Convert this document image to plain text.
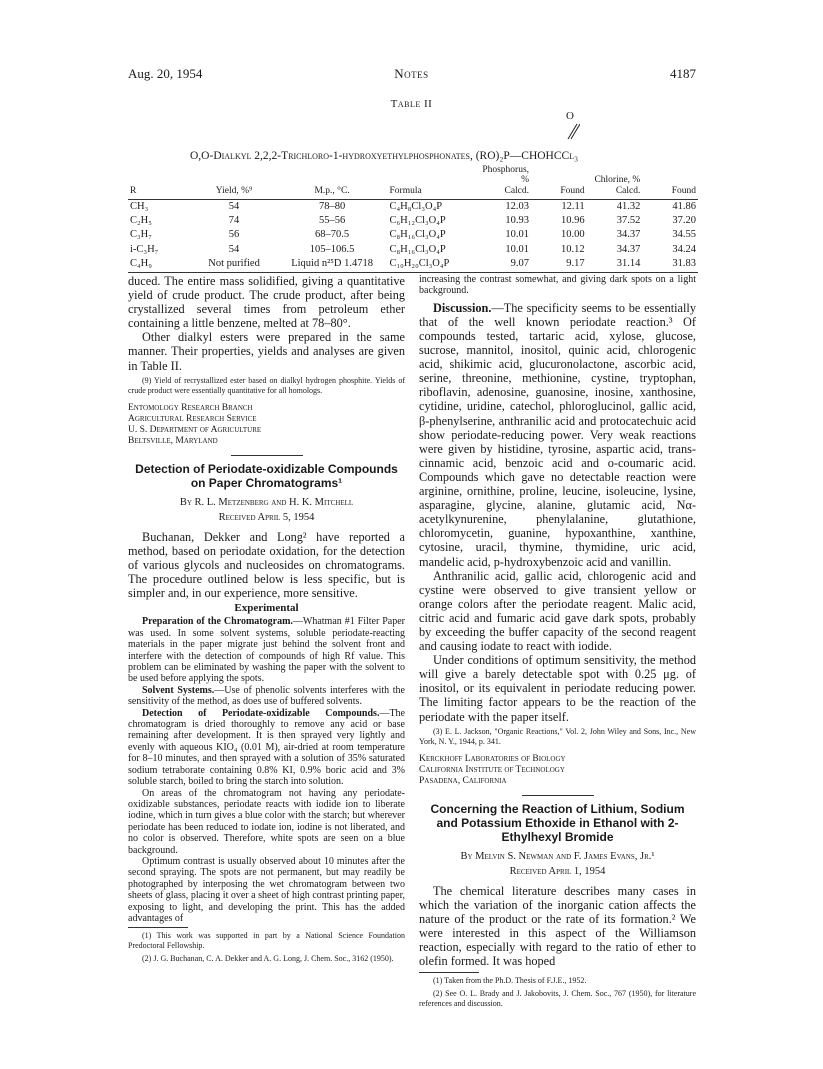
Aug. 20, 1954	Notes	4187
Table II
O
O,O-Dialkyl 2,2,2-Trichloro-1-hydroxyethylphosphonates, (RO)₂P—CHOHCCl₃
R	Yield, %⁹	M.p., °C.	Formula	Phosphorus, %
Calcd.	Found	Chlorine, %
Calcd.	Found
CH₃	54	78–80	C₄H₈Cl₃O₄P	12.03	12.11	41.32	41.86
C₂H₅	74	55–56	C₆H₁₂Cl₃O₄P	10.93	10.96	37.52	37.20
C₃H₇	56	68–70.5	C₈H₁₆Cl₃O₄P	10.01	10.00	34.37	34.55
i-C₃H₇	54	105–106.5	C₈H₁₆Cl₃O₄P	10.01	10.12	34.37	34.24
C₄H₉	Not purified	Liquid n²⁵D 1.4718	C₁₀H₂₀Cl₃O₄P	9.07	9.17	31.14	31.83

duced. The entire mass solidified, giving a quantitative yield of crude product. The crude product, after being crystallized several times from petroleum ether containing a little benzene, melted at 78–80°.

Other dialkyl esters were prepared in the same manner. Their properties, yields and analyses are given in Table II.

(9) Yield of recrystallized ester based on dialkyl hydrogen phosphite. Yields of crude product were essentially quantitative for all homologs.

Entomology Research Branch
Agricultural Research Service
U. S. Department of Agriculture
Beltsville, Maryland
Detection of Periodate-oxidizable Compounds on Paper Chromatograms¹
By R. L. Metzenberg and H. K. Mitchell
Received April 5, 1954

Buchanan, Dekker and Long² have reported a method, based on periodate oxidation, for the detection of various glycols and nucleosides on chromatograms. The procedure outlined below is less specific, but is simpler and, in our experience, more sensitive.

Experimental

Preparation of the Chromatogram.—Whatman #1 Filter Paper was used. In some solvent systems, soluble periodate-reacting materials in the paper migrate just behind the solvent front and interfere with the detection of compounds of high Rf value. This problem can be eliminated by washing the paper with the solvent to be used before applying the spots.

Solvent Systems.—Use of phenolic solvents interferes with the sensitivity of the method, as does use of buffered solvents.

Detection of Periodate-oxidizable Compounds.—The chromatogram is dried thoroughly to remove any acid or base remaining after development. It is then sprayed very lightly and evenly with aqueous KIO₄ (0.01 M), air-dried at room temperature for 8–10 minutes, and then sprayed with a solution of 35% saturated sodium tetraborate containing 0.8% KI, 0.9% boric acid and 3% soluble starch, boiled to bring the starch into solution.

On areas of the chromatogram not having any periodate-oxidizable substances, periodate reacts with iodide ion to liberate iodine, which in turn gives a blue color with the starch; but wherever periodate has been reduced to iodate ion, iodine is not liberated, and no color is observed. Therefore, white spots are seen on a blue background.

Optimum contrast is usually observed about 10 minutes after the second spraying. The spots are not permanent, but may readily be photographed by interposing the wet chromatogram between two sheets of glass, placing it over a sheet of high contrast printing paper, exposing to light, and developing the print. This has the added advantages of

(1) This work was supported in part by a National Science Foundation Predoctoral Fellowship.

(2) J. G. Buchanan, C. A. Dekker and A. G. Long, J. Chem. Soc., 3162 (1950).

increasing the contrast somewhat, and giving dark spots on a light background.

Discussion.—The specificity seems to be essentially that of the well known periodate reaction.³ Of compounds tested, tartaric acid, xylose, glucose, sucrose, mannitol, inositol, quinic acid, chlorogenic acid, shikimic acid, glucuronolactone, ascorbic acid, serine, threonine, methionine, cystine, tryptophan, riboflavin, adenosine, guanosine, inosine, xanthosine, cytidine, uridine, catechol, phloroglucinol, gallic acid, β-phenylserine, anthranilic acid and protocatechuic acid show periodate-reducing power. Very weak reactions were given by histidine, tyrosine, aspartic acid, trans-cinnamic acid, benzoic acid and o-coumaric acid. Compounds which gave no detectable reaction were arginine, ornithine, proline, leucine, isoleucine, lysine, asparagine, glycine, alanine, glutamic acid, Nα-acetylkynurenine, phenylalanine, glutathione, chloromycetin, guanine, hypoxanthine, xanthine, cytosine, uracil, thymine, thymidine, uric acid, mandelic acid, p-hydroxybenzoic acid and vanillin.

Anthranilic acid, gallic acid, chlorogenic acid and cystine were observed to give transient yellow or orange colors after the periodate reagent. Malic acid, citric acid and fumaric acid gave dark spots, probably by exceeding the buffer capacity of the second reagent and causing iodate to react with iodide.

Under conditions of optimum sensitivity, the method will give a barely detectable spot with 0.25 μg. of inositol, or its equivalent in periodate reducing power. The limiting factor appears to be the reaction of the periodate with the paper itself.

(3) E. L. Jackson, "Organic Reactions," Vol. 2, John Wiley and Sons, Inc., New York, N. Y., 1944, p. 341.

Kerckhoff Laboratories of Biology
California Institute of Technology
Pasadena, California
Concerning the Reaction of Lithium, Sodium and Potassium Ethoxide in Ethanol with 2-Ethylhexyl Bromide
By Melvin S. Newman and F. James Evans, Jr.¹
Received April 1, 1954

The chemical literature describes many cases in which the variation of the inorganic cation affects the nature of the product or the rate of its formation.² We were interested in this aspect of the Williamson reaction, especially with regard to the ratio of ether to olefin formed. It was hoped

(1) Taken from the Ph.D. Thesis of F.J.E., 1952.

(2) See O. L. Brady and J. Jakobovits, J. Chem. Soc., 767 (1950), for literature references and discussion.
